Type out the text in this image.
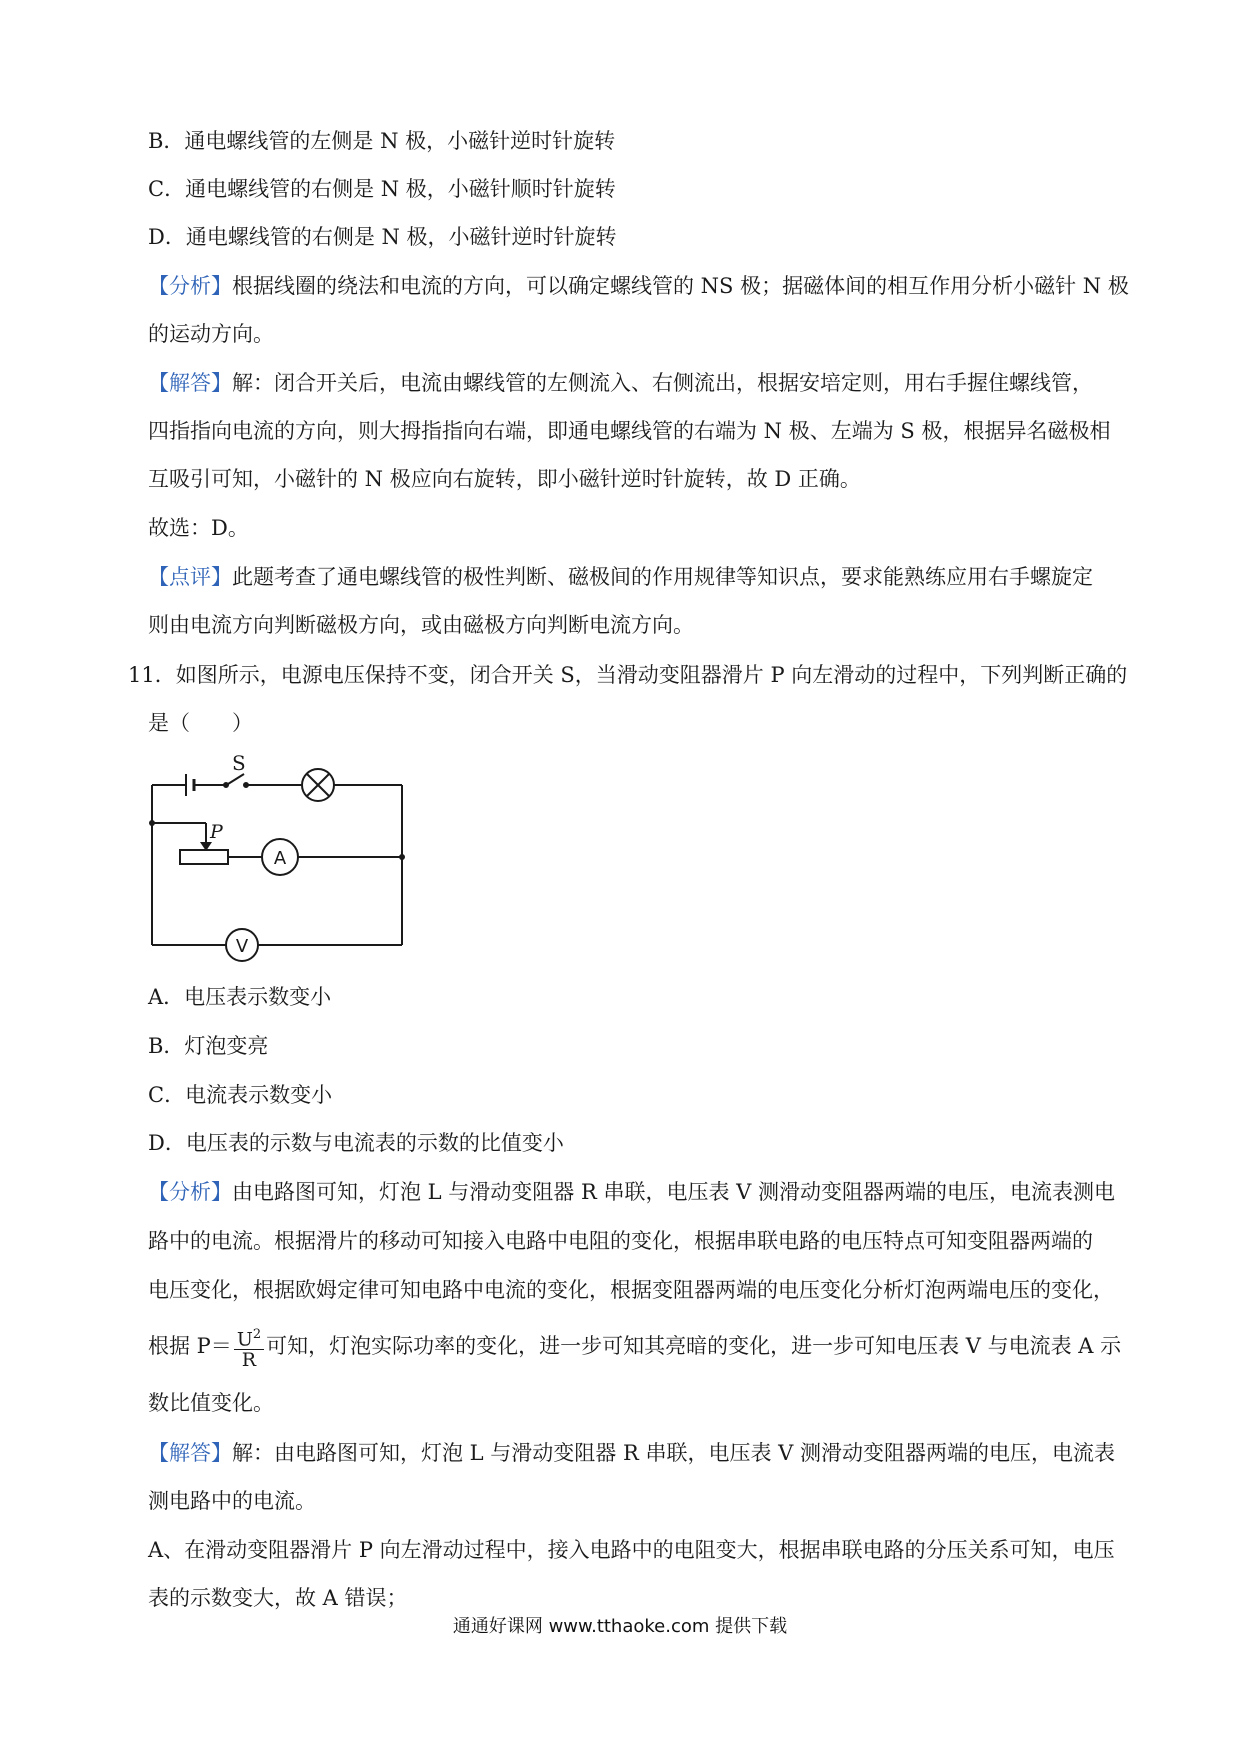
B．通电螺线管的左侧是 N 极，小磁针逆时针旋转
C．通电螺线管的右侧是 N 极，小磁针顺时针旋转
D．通电螺线管的右侧是 N 极，小磁针逆时针旋转
【分析】根据线圈的绕法和电流的方向，可以确定螺线管的 NS 极；据磁体间的相互作用分析小磁针 N 极
的运动方向。
【解答】解：闭合开关后，电流由螺线管的左侧流入、右侧流出，根据安培定则，用右手握住螺线管，
四指指向电流的方向，则大拇指指向右端，即通电螺线管的右端为 N 极、左端为 S 极，根据异名磁极相
互吸引可知，小磁针的 N 极应向右旋转，即小磁针逆时针旋转，故 D 正确。
故选：D。
【点评】此题考查了通电螺线管的极性判断、磁极间的作用规律等知识点，要求能熟练应用右手螺旋定
则由电流方向判断磁极方向，或由磁极方向判断电流方向。
11．如图所示，电源电压保持不变，闭合开关 S，当滑动变阻器滑片 P 向左滑动的过程中，下列判断正确的
是（　　）
S
P
A
V
A．电压表示数变小
B．灯泡变亮
C．电流表示数变小
D．电压表的示数与电流表的示数的比值变小
【分析】由电路图可知，灯泡 L 与滑动变阻器 R 串联，电压表 V 测滑动变阻器两端的电压，电流表测电
路中的电流。根据滑片的移动可知接入电路中电阻的变化，根据串联电路的电压特点可知变阻器两端的
电压变化，根据欧姆定律可知电路中电流的变化，根据变阻器两端的电压变化分析灯泡两端电压的变化，
根据 $P= \frac{U^2}{R}$ 可知，灯泡实际功率的变化，进一步可知其亮暗的变化，进一步可知电压表 V 与电流表 A 示
数比值变化。
【解答】解：由电路图可知，灯泡 L 与滑动变阻器 R 串联，电压表 V 测滑动变阻器两端的电压，电流表
测电路中的电流。
A、在滑动变阻器滑片 P 向左滑动过程中，接入电路中的电阻变大，根据串联电路的分压关系可知，电压
表的示数变大，故 A 错误；
通通好课网 www.tthaoke.com 提供下载
